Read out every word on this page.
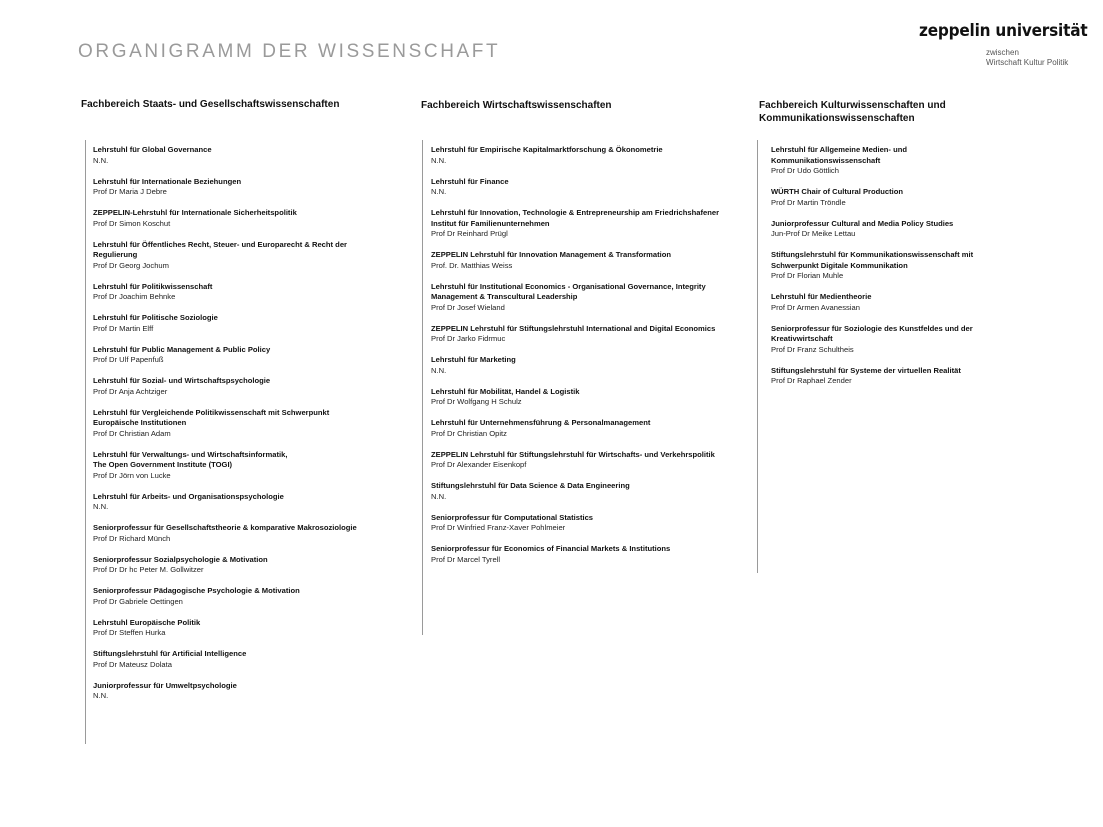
ORGANIGRAMM DER WISSENSCHAFT
zeppelin universität
zwischen
Wirtschaft Kultur Politik
Fachbereich Staats- und Gesellschaftswissenschaften
Lehrstuhl für Global Governance
N.N.
Lehrstuhl für Internationale Beziehungen
Prof Dr Maria J Debre
ZEPPELIN-Lehrstuhl für Internationale Sicherheitspolitik
Prof Dr Simon Koschut
Lehrstuhl für Öffentliches Recht, Steuer- und Europarecht & Recht der Regulierung
Prof Dr Georg Jochum
Lehrstuhl für Politikwissenschaft
Prof Dr Joachim Behnke
Lehrstuhl für Politische Soziologie
Prof Dr Martin Elff
Lehrstuhl für Public Management & Public Policy
Prof Dr Ulf Papenfuß
Lehrstuhl für Sozial- und Wirtschaftspsychologie
Prof Dr Anja Achtziger
Lehrstuhl für Vergleichende Politikwissenschaft mit Schwerpunkt Europäische Institutionen
Prof Dr Christian Adam
Lehrstuhl für Verwaltungs- und Wirtschaftsinformatik,
The Open Government Institute (TOGI)
Prof Dr Jörn von Lucke
Lehrstuhl für Arbeits- und Organisationspsychologie
N.N.
Seniorprofessur für Gesellschaftstheorie & komparative Makrosoziologie
Prof Dr Richard Münch
Seniorprofessur Sozialpsychologie & Motivation
Prof Dr Dr hc Peter M. Gollwitzer
Seniorprofessur Pädagogische Psychologie & Motivation
Prof Dr Gabriele Oettingen
Lehrstuhl Europäische Politik
Prof Dr Steffen Hurka
Stiftungslehrstuhl für Artificial Intelligence
Prof Dr Mateusz Dolata
Juniorprofessur für Umweltpsychologie
N.N.
Fachbereich Wirtschaftswissenschaften
Lehrstuhl für Empirische Kapitalmarktforschung & Ökonometrie
N.N.
Lehrstuhl für Finance
N.N.
Lehrstuhl für Innovation, Technologie & Entrepreneurship am Friedrichshafener Institut für Familienunternehmen
Prof Dr Reinhard Prügl
ZEPPELIN Lehrstuhl für Innovation Management & Transformation
Prof. Dr. Matthias Weiss
Lehrstuhl für Institutional Economics - Organisational Governance, Integrity Management & Transcultural Leadership
Prof Dr Josef Wieland
ZEPPELIN Lehrstuhl für Stiftungslehrstuhl International and Digital Economics
Prof Dr Jarko Fidrmuc
Lehrstuhl für Marketing
N.N.
Lehrstuhl für Mobilität, Handel & Logistik
Prof Dr Wolfgang H Schulz
Lehrstuhl für Unternehmensführung & Personalmanagement
Prof Dr Christian Opitz
ZEPPELIN Lehrstuhl für Stiftungslehrstuhl für Wirtschafts- und Verkehrspolitik
Prof Dr Alexander Eisenkopf
Stiftungslehrstuhl für Data Science & Data Engineering
N.N.
Seniorprofessur für Computational Statistics
Prof Dr Winfried Franz-Xaver Pohlmeier
Seniorprofessur für Economics of Financial Markets & Institutions
Prof Dr Marcel Tyrell
Fachbereich Kulturwissenschaften und Kommunikationswissenschaften
Lehrstuhl für Allgemeine Medien- und Kommunikationswissenschaft
Prof Dr Udo Göttlich
WÜRTH Chair of Cultural Production
Prof Dr Martin Tröndle
Juniorprofessur Cultural and Media Policy Studies
Jun-Prof Dr Meike Lettau
Stiftungslehrstuhl für Kommunikationswissenschaft mit Schwerpunkt Digitale Kommunikation
Prof Dr Florian Muhle
Lehrstuhl für Medientheorie
Prof Dr Armen Avanessian
Seniorprofessur für Soziologie des Kunstfeldes und der Kreativwirtschaft
Prof Dr Franz Schultheis
Stiftungslehrstuhl für Systeme der virtuellen Realität
Prof Dr Raphael Zender
